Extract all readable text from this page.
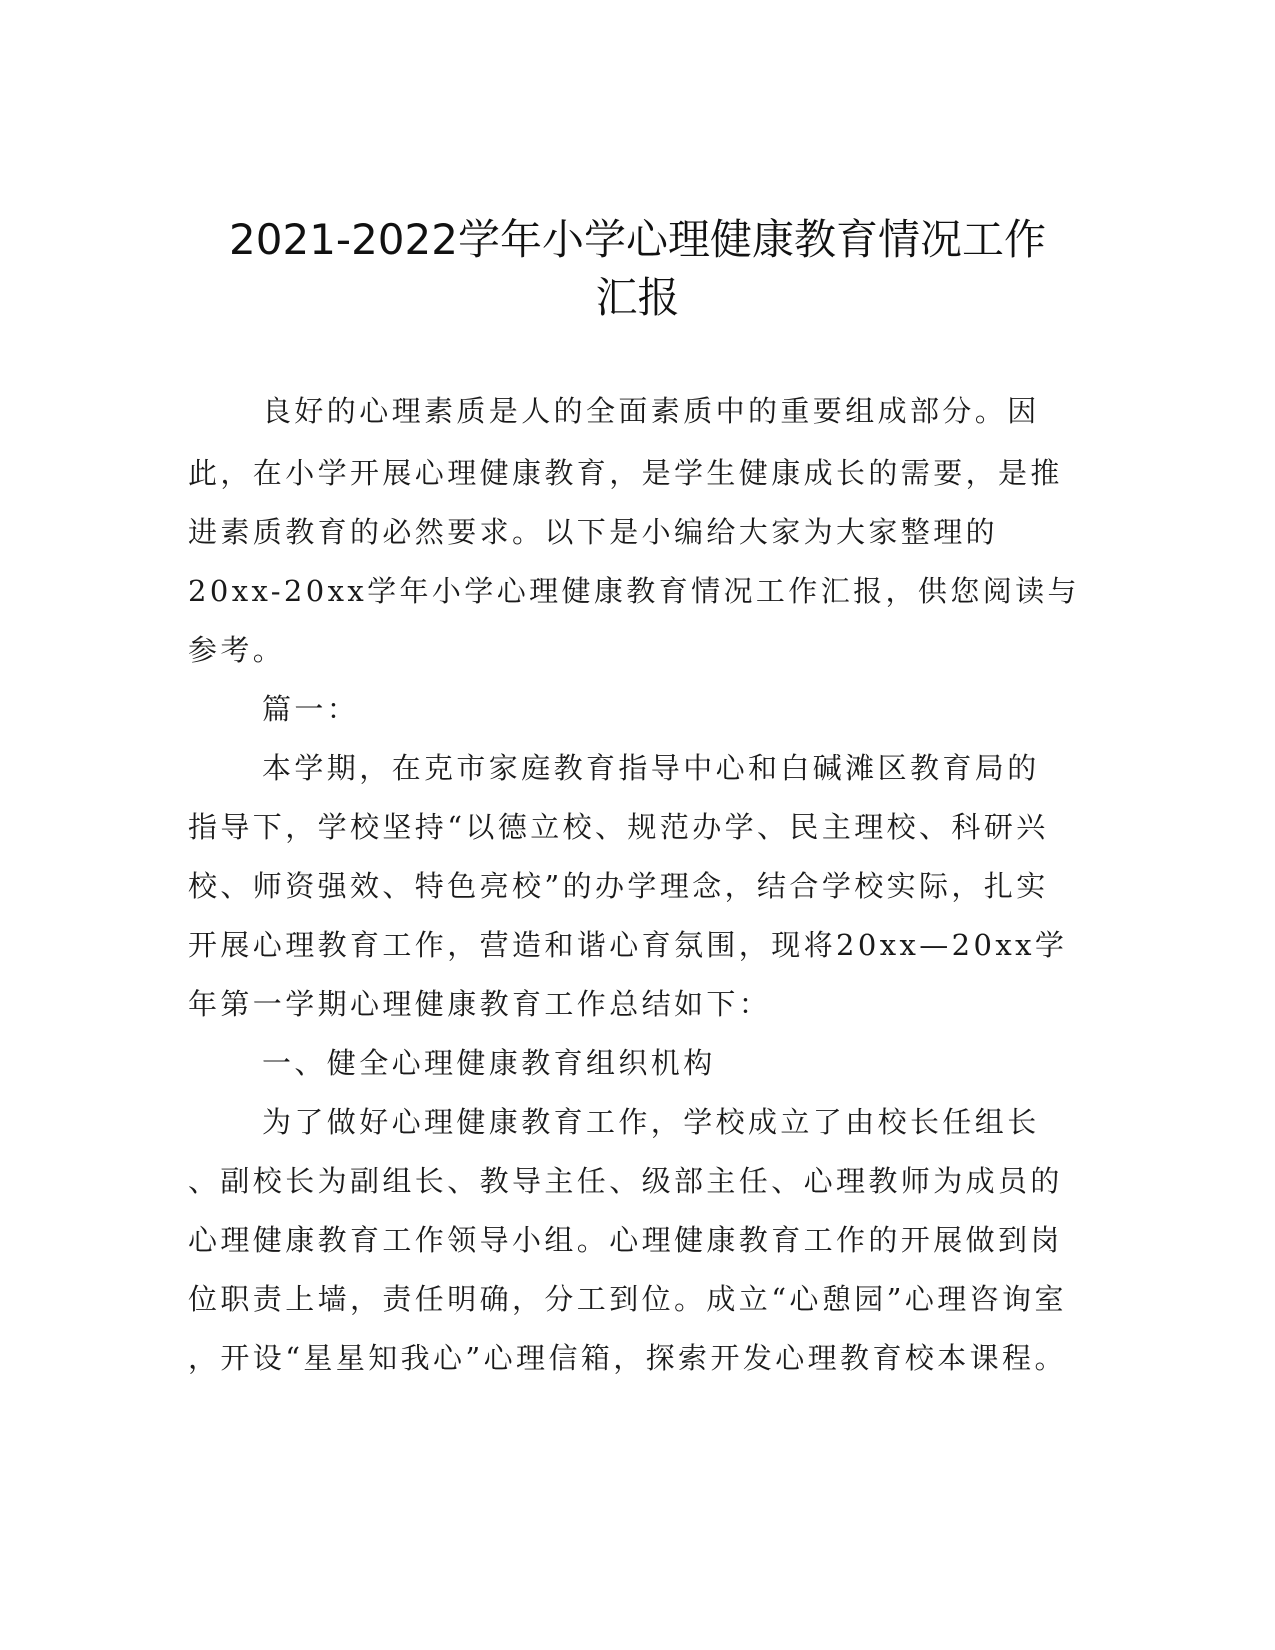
2021-2022学年小学心理健康教育情况工作
汇报
良好的心理素质是人的全面素质中的重要组成部分。因
此，在小学开展心理健康教育，是学生健康成长的需要，是推
进素质教育的必然要求。以下是小编给大家为大家整理的
20xx-20xx学年小学心理健康教育情况工作汇报，供您阅读与
参考。
篇一：
本学期，在克市家庭教育指导中心和白碱滩区教育局的
指导下，学校坚持“以德立校、规范办学、民主理校、科研兴
校、师资强效、特色亮校”的办学理念，结合学校实际，扎实
开展心理教育工作，营造和谐心育氛围，现将20xx—20xx学
年第一学期心理健康教育工作总结如下：
一、健全心理健康教育组织机构
为了做好心理健康教育工作，学校成立了由校长任组长
、副校长为副组长、教导主任、级部主任、心理教师为成员的
心理健康教育工作领导小组。心理健康教育工作的开展做到岗
位职责上墙，责任明确，分工到位。成立“心憩园”心理咨询室
，开设“星星知我心”心理信箱，探索开发心理教育校本课程。
